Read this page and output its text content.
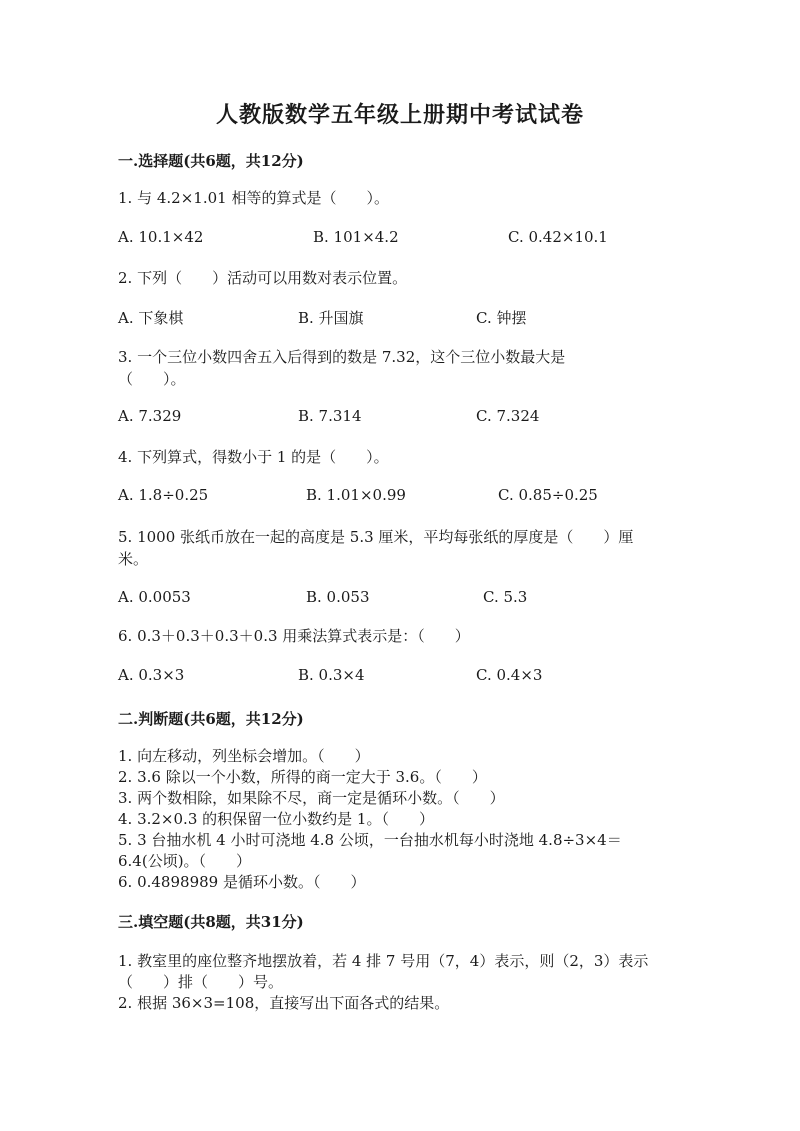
人教版数学五年级上册期中考试试卷
一.选择题(共6题，共12分)
1. 与 4.2×1.01 相等的算式是（　　）。
A. 10.1×42	B. 101×4.2	C. 0.42×10.1
2. 下列（　　）活动可以用数对表示位置。
A. 下象棋	B. 升国旗	C. 钟摆
3. 一个三位小数四舍五入后得到的数是 7.32，这个三位小数最大是
（　　）。
A. 7.329	B. 7.314	C. 7.324
4. 下列算式，得数小于 1 的是（　　）。
A. 1.8÷0.25	B. 1.01×0.99	C. 0.85÷0.25
5. 1000 张纸币放在一起的高度是 5.3 厘米，平均每张纸的厚度是（　　）厘
米。
A. 0.0053	B. 0.053	C. 5.3
6. 0.3＋0.3＋0.3＋0.3 用乘法算式表示是：（　　）
A. 0.3×3	B. 0.3×4	C. 0.4×3
二.判断题(共6题，共12分)
1. 向左移动，列坐标会增加。（　　）
2. 3.6 除以一个小数，所得的商一定大于 3.6。（　　）
3. 两个数相除，如果除不尽，商一定是循环小数。（　　）
4. 3.2×0.3 的积保留一位小数约是 1。（　　）
5. 3 台抽水机 4 小时可浇地 4.8 公顷，一台抽水机每小时浇地 4.8÷3×4＝
6.4(公顷)。（　　）
6. 0.4898989 是循环小数。（　　）
三.填空题(共8题，共31分)
1. 教室里的座位整齐地摆放着，若 4 排 7 号用（7，4）表示，则（2，3）表示
（　　）排（　　）号。
2. 根据 36×3=108，直接写出下面各式的结果。
